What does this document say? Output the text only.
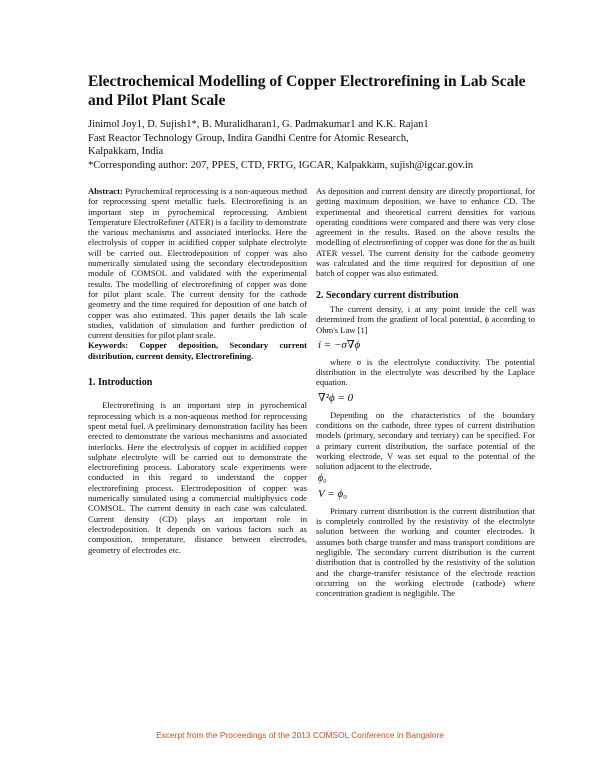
Electrochemical Modelling of Copper Electrorefining in Lab Scale and Pilot Plant Scale
Jinimol Joy1, D. Sujish1*, B. Muralidharan1, G. Padmakumar1 and K.K. Rajan1
Fast Reactor Technology Group, Indira Gandhi Centre for Atomic Research,
Kalpakkam, India
*Corresponding author: 207, PPES, CTD, FRTG, IGCAR, Kalpakkam, sujish@igcar.gov.in

Abstract: Pyrochemical reprocessing is a non-aqueous method for reprocessing spent metallic fuels. Electrorefining is an important step in pyrochemical reprocessing. Ambient Temperature ElectroRefiner (ATER) is a facility to demonstrate the various mechanisms and associated interlocks. Here the electrolysis of copper in acidified copper sulphate electrolyte will be carried out. Electrodeposition of copper was also numerically simulated using the secondary electrodeposition module of COMSOL and validated with the experimental results. The modelling of electrorefining of copper was done for pilot plant scale. The current density for the cathode geometry and the time required for deposition of one batch of copper was also estimated. This paper details the lab scale studies, validation of simulation and further prediction of current densities for pilot plant scale.

Keywords: Copper deposition, Secondary current distribution, current density, Electrorefining.

1. Introduction

Electrorefining is an important step in pyrochemical reprocessing which is a non-aqueous method for reprocessing spent metal fuel. A preliminary demonstration facility has been erected to demonstrate the various mechanisms and associated interlocks. Here the electrolysis of copper in acidified copper sulphate electrolyte will be carried out to demonstrate the electrorefining process. Laboratory scale experiments were conducted in this regard to understand the copper electrorefining process. Electrodeposition of copper was numerically simulated using a commercial multiphysics code COMSOL. The current density in each case was calculated. Current density (CD) plays an important role in electrodeposition. It depends on various factors such as composition, temperature, distance between electrodes, geometry of electrodes etc.

As deposition and current density are directly proportional, for getting maximum deposition, we have to enhance CD. The experimental and theoretical current densities for various operating conditions were compared and there was very close agreement in the results. Based on the above results the modelling of electrorefining of copper was done for the as built ATER vessel. The current density for the cathode geometry was calculated and the time required for deposition of one batch of copper was also estimated.

2. Secondary current distribution

The current density, i at any point inside the cell was determined from the gradient of local potential, ϕ according to Ohm's Law [1]

i = −σ∇ϕ

where σ is the electrolyte conductivity. The potential distribution in the electrolyte was described by the Laplace equation.

∇²ϕ = 0

Depending on the characteristics of the boundary conditions on the cathode, three types of current distribution models (primary, secondary and terriary) can be specified. For a primary current distribution, the surface potential of the working electrode, V was set equal to the potential of the solution adjacent to the electrode,

ϕ₀
V = ϕ₀

Primary current distribution is the current distribution that is completely controlled by the resistivity of the electrolyte solution between the working and counter electrodes. It assumes both charge transfer and mass transport conditions are negligible. The secondary current distribution is the current distribution that is controlled by the resistivity of the solution and the charge-transfer resistance of the electrode reaction occurring on the working electrode (cathode) where concentration gradient is negligible. The

Excerpt from the Proceedings of the 2013 COMSOL Conference in Bangalore
